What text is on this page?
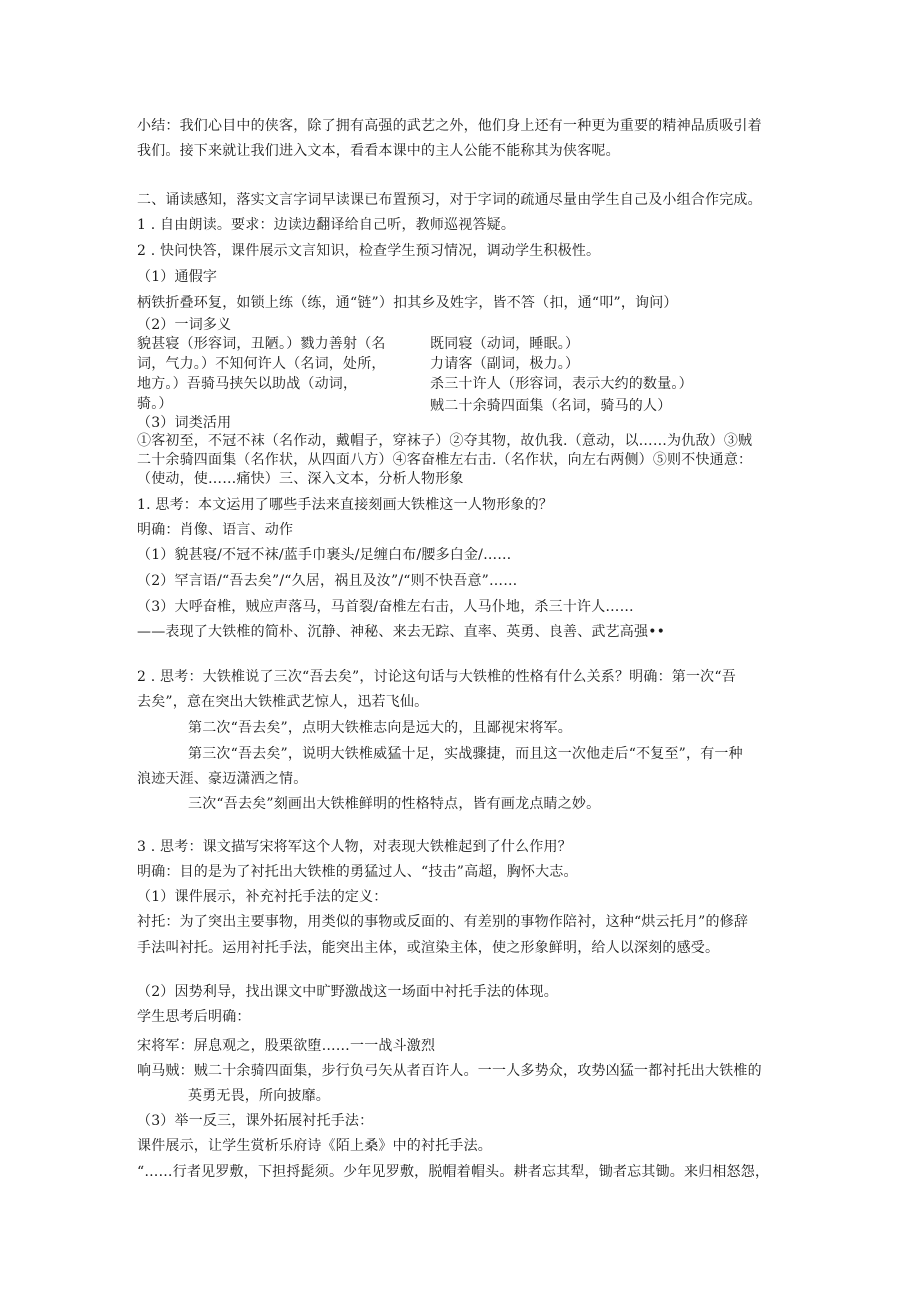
小结：我们心目中的侠客，除了拥有高强的武艺之外，他们身上还有一种更为重要的精神品质吸引着
我们。接下来就让我们进入文本，看看本课中的主人公能不能称其为侠客呢。
二、诵读感知，落实文言字词早读课已布置预习，对于字词的疏通尽量由学生自己及小组合作完成。
1 . 自由朗读。要求：边读边翻译给自己听，教师巡视答疑。
2 . 快问快答，课件展示文言知识，检查学生预习情况，调动学生积极性。
（1）通假字
柄铁折叠环复，如锁上练（练，通“链”）扣其乡及姓字，皆不答（扣，通“叩”，询问）
（2）一词多义
貌甚寝（形容词，丑陋。）戮力善射（名
词，气力。）不知何许人（名词，处所，
地方。）吾骑马挟矢以助战（动词，
骑。）
既同寝（动词，睡眠。）
力请客（副词，极力。）
杀三十许人（形容词，表示大约的数量。）
贼二十余骑四面集（名词，骑马的人）
（3）词类活用
①客初至，不冠不袜（名作动，戴帽子，穿袜子）②夺其物，故仇我.（意动，以……为仇敌）③贼
二十余骑四面集（名作状，从四面八方）④客奋椎左右击.（名作状，向左右两侧）⑤则不快通意：
（使动，使……痛快）三、深入文本，分析人物形象
1. 思考：本文运用了哪些手法来直接刻画大铁椎这一人物形象的？
明确：肖像、语言、动作
（1）貌甚寝/不冠不袜/蓝手巾裹头/足缠白布/腰多白金/……
（2）罕言语/“吾去矣”/“久居，祸且及汝”/“则不快吾意”……
（3）大呼奋椎，贼应声落马，马首裂/奋椎左右击，人马仆地，杀三十许人……
——表现了大铁椎的简朴、沉静、神秘、来去无踪、直率、英勇、良善、武艺高强••
2 . 思考：大铁椎说了三次“吾去矣”，讨论这句话与大铁椎的性格有什么关系？明确：第一次“吾
去矣”，意在突出大铁椎武艺惊人，迅若飞仙。
第二次“吾去矣”，点明大铁椎志向是远大的，且鄙视宋将军。
第三次“吾去矣”，说明大铁椎威猛十足，实战骤捷，而且这一次他走后“不复至”，有一种
浪迹天涯、豪迈潇洒之情。
三次“吾去矣”刻画出大铁椎鲜明的性格特点，皆有画龙点睛之妙。
3 . 思考：课文描写宋将军这个人物，对表现大铁椎起到了什么作用？
明确：目的是为了衬托出大铁椎的勇猛过人、“技击”高超，胸怀大志。
（1）课件展示，补充衬托手法的定义：
衬托：为了突出主要事物，用类似的事物或反面的、有差别的事物作陪衬，这种“烘云托月”的修辞
手法叫衬托。运用衬托手法，能突出主体，或渲染主体，使之形象鲜明，给人以深刻的感受。
（2）因势利导，找出课文中旷野激战这一场面中衬托手法的体现。
学生思考后明确：
宋将军：屏息观之，股栗欲堕……一一战斗激烈
响马贼：贼二十余骑四面集，步行负弓矢从者百许人。一一人多势众，攻势凶猛一都衬托出大铁椎的
英勇无畏，所向披靡。
（3）举一反三，课外拓展衬托手法：
课件展示，让学生赏析乐府诗《陌上桑》中的衬托手法。
“……行者见罗敷，下担捋髭须。少年见罗敷，脱帽着帽头。耕者忘其犁，锄者忘其锄。来归相怒怨，
